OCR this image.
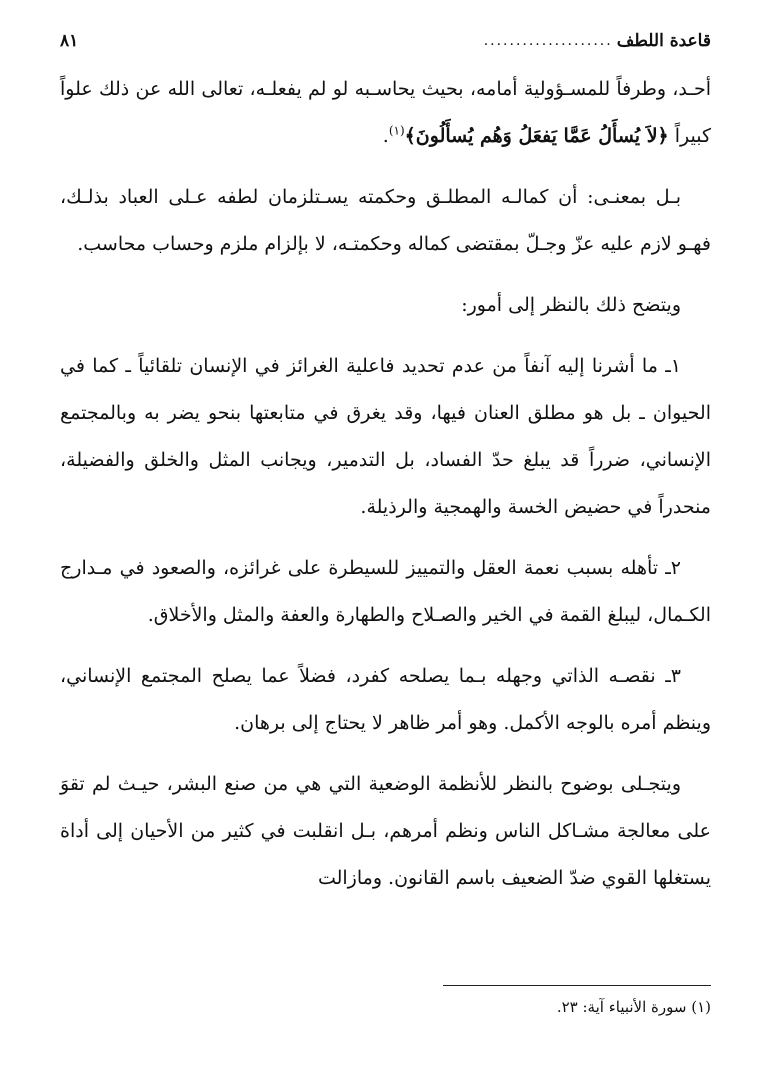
قاعدة اللطف
....................
٨١

أحـد، وطرفاً للمسـؤولية أمامه، بحيث يحاسـبه لو لم يفعلـه، تعالى الله عن ذلك علواً كبيراً ﴿لاَ يُسأَلُ عَمَّا يَفعَلُ وَهُم يُسأَلُونَ﴾$^{(١)}$.

بـل بمعنـى: أن كمالـه المطلـق وحكمته يسـتلزمان لطفه عـلى العباد بذلـك، فهـو لازم عليه عزّ وجـلّ بمقتضى كماله وحكمتـه، لا بإلزام ملزم وحساب محاسب.

ويتضح ذلك بالنظر إلى أمور:

١ـ ما أشرنا إليه آنفاً من عدم تحديد فاعلية الغرائز في الإنسان تلقائياً ـ كما في الحيوان ـ بل هو مطلق العنان فيها، وقد يغرق في متابعتها بنحو يضر به وبالمجتمع الإنساني، ضرراً قد يبلغ حدّ الفساد، بل التدمير، ويجانب المثل والخلق والفضيلة، منحدراً في حضيض الخسة والهمجية والرذيلة.

٢ـ تأهله بسبب نعمة العقل والتمييز للسيطرة على غرائزه، والصعود في مـدارج الكـمال، ليبلغ القمة في الخير والصـلاح والطهارة والعفة والمثل والأخلاق.

٣ـ نقصـه الذاتي وجهله بـما يصلحه كفرد، فضلاً عما يصلح المجتمع الإنساني، وينظم أمره بالوجه الأكمل. وهو أمر ظاهر لا يحتاج إلى برهان.

ويتجـلى بوضوح بالنظر للأنظمة الوضعية التي هي من صنع البشر، حيـث لم تقوَ على معالجة مشـاكل الناس ونظم أمرهم، بـل انقلبت في كثير من الأحيان إلى أداة يستغلها القوي ضدّ الضعيف باسم القانون. ومازالت

(١) سورة الأنبياء آية: ٢٣.
